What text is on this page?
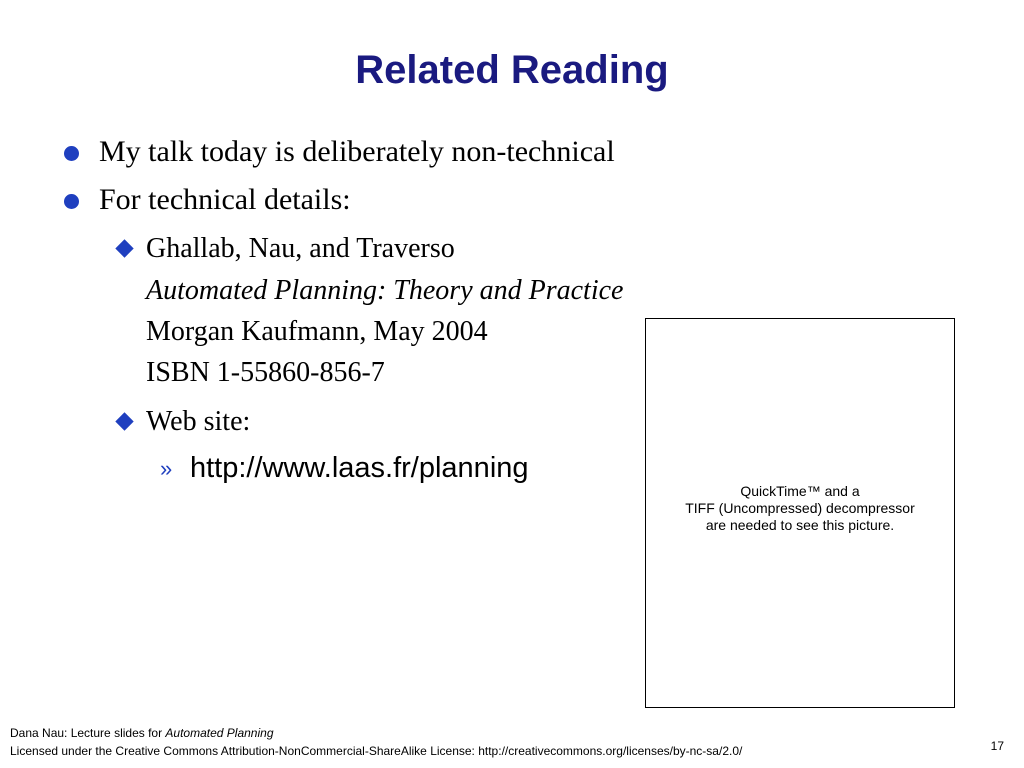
Related Reading
My talk today is deliberately non-technical
For technical details:
Ghallab, Nau, and Traverso
Automated Planning: Theory and Practice
Morgan Kaufmann, May 2004
ISBN 1-55860-856-7
Web site:
» http://www.laas.fr/planning
QuickTime™ and a
TIFF (Uncompressed) decompressor
are needed to see this picture.
Dana Nau: Lecture slides for Automated Planning
Licensed under the Creative Commons Attribution-NonCommercial-ShareAlike License: http://creativecommons.org/licenses/by-nc-sa/2.0/	17
